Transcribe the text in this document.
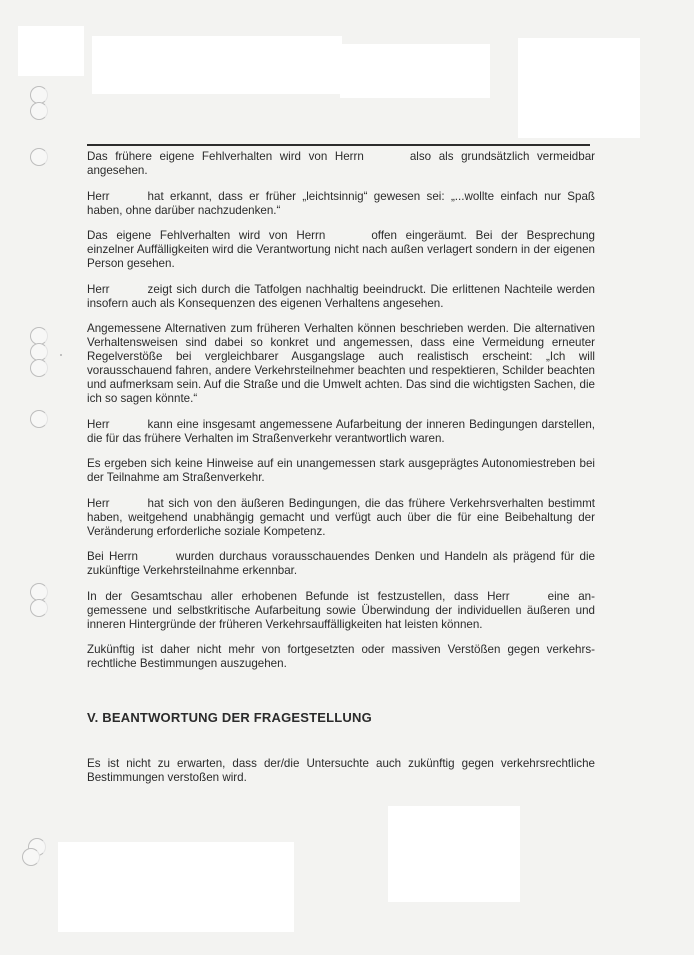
Das frühere eigene Fehlverhalten wird von Herrn	also als grundsätzlich vermeidbar angesehen.

Herr	hat erkannt, dass er früher „leichtsinnig“ gewesen sei: „...wollte einfach nur Spaß haben, ohne darüber nachzudenken.“

Das eigene Fehlverhalten wird von Herrn	offen eingeräumt. Bei der Besprechung einzelner Auffälligkeiten wird die Verantwortung nicht nach außen verlagert sondern in der eigenen Person gesehen.

Herr	zeigt sich durch die Tatfolgen nachhaltig beeindruckt. Die erlittenen Nachteile werden insofern auch als Konsequenzen des eigenen Verhaltens angesehen.

Angemessene Alternativen zum früheren Verhalten können beschrieben werden. Die alternativen Verhaltensweisen sind dabei so konkret und angemessen, dass eine Vermeidung erneuter Regelverstöße bei vergleichbarer Ausgangslage auch realistisch erscheint: „Ich will vorausschauend fahren, andere Verkehrsteilnehmer beachten und respektieren, Schilder beachten und aufmerksam sein. Auf die Straße und die Umwelt achten. Das sind die wichtigsten Sachen, die ich so sagen könnte.“

Herr	kann eine insgesamt angemessene Aufarbeitung der inneren Bedingungen darstellen, die für das frühere Verhalten im Straßenverkehr verantwortlich waren.

Es ergeben sich keine Hinweise auf ein unangemessen stark ausgeprägtes Autonomiestreben bei der Teilnahme am Straßenverkehr.

Herr	hat sich von den äußeren Bedingungen, die das frühere Verkehrsverhalten bestimmt haben, weitgehend unabhängig gemacht und verfügt auch über die für eine Beibehaltung der Veränderung erforderliche soziale Kompetenz.

Bei Herrn	wurden durchaus vorausschauendes Denken und Handeln als prägend für die zukünftige Verkehrsteilnahme erkennbar.

In der Gesamtschau aller erhobenen Befunde ist festzustellen, dass Herr	eine angemessene und selbstkritische Aufarbeitung sowie Überwindung der individuellen äußeren und inneren Hintergründe der früheren Verkehrsauffälligkeiten hat leisten können.

Zukünftig ist daher nicht mehr von fortgesetzten oder massiven Verstößen gegen verkehrsrechtliche Bestimmungen auszugehen.

V. BEANTWORTUNG DER FRAGESTELLUNG

Es ist nicht zu erwarten, dass der/die Untersuchte auch zukünftig gegen verkehrsrechtliche Bestimmungen verstoßen wird.
